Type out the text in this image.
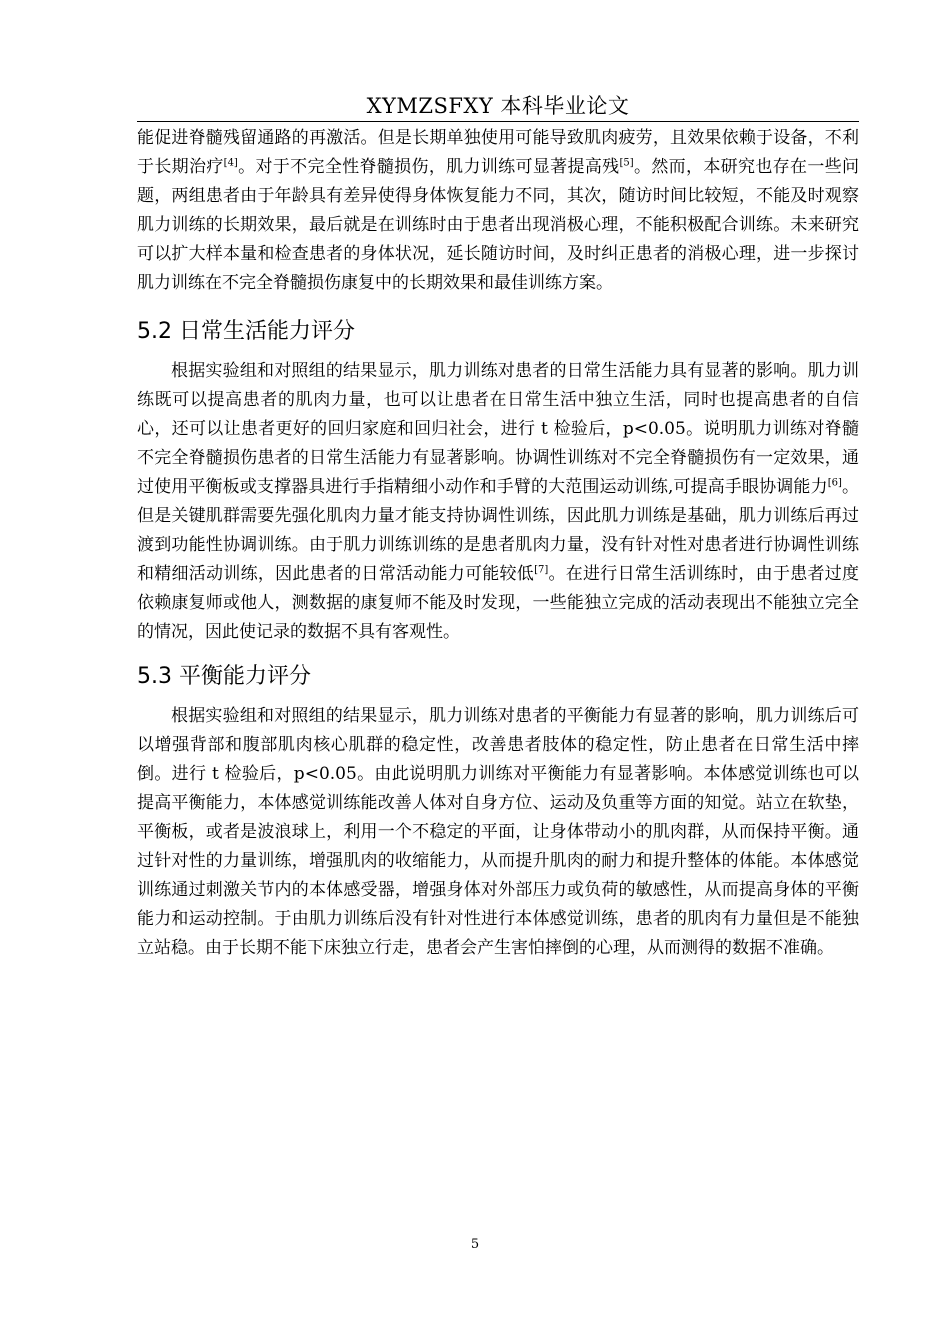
XYMZSFXY 本科毕业论文

能促进脊髓残留通路的再激活。但是长期单独使用可能导致肌肉疲劳，且效果依赖于设备，不利于长期治疗[4]。对于不完全性脊髓损伤，肌力训练可显著提高残[5]。然而，本研究也存在一些问题，两组患者由于年龄具有差异使得身体恢复能力不同，其次，随访时间比较短，不能及时观察肌力训练的长期效果，最后就是在训练时由于患者出现消极心理，不能积极配合训练。未来研究可以扩大样本量和检查患者的身体状况，延长随访时间，及时纠正患者的消极心理，进一步探讨肌力训练在不完全脊髓损伤康复中的长期效果和最佳训练方案。

5.2 日常生活能力评分

根据实验组和对照组的结果显示，肌力训练对患者的日常生活能力具有显著的影响。肌力训练既可以提高患者的肌肉力量，也可以让患者在日常生活中独立生活，同时也提高患者的自信心，还可以让患者更好的回归家庭和回归社会，进行 t 检验后，p<0.05。说明肌力训练对脊髓不完全脊髓损伤患者的日常生活能力有显著影响。协调性训练对不完全脊髓损伤有一定效果，通过使用平衡板或支撑器具进行手指精细小动作和手臂的大范围运动训练,可提高手眼协调能力[6]。但是关键肌群需要先强化肌肉力量才能支持协调性训练，因此肌力训练是基础，肌力训练后再过渡到功能性协调训练。由于肌力训练训练的是患者肌肉力量，没有针对性对患者进行协调性训练和精细活动训练，因此患者的日常活动能力可能较低[7]。在进行日常生活训练时，由于患者过度依赖康复师或他人，测数据的康复师不能及时发现，一些能独立完成的活动表现出不能独立完全的情况，因此使记录的数据不具有客观性。

5.3 平衡能力评分

根据实验组和对照组的结果显示，肌力训练对患者的平衡能力有显著的影响，肌力训练后可以增强背部和腹部肌肉核心肌群的稳定性，改善患者肢体的稳定性，防止患者在日常生活中摔倒。进行 t 检验后，p<0.05。由此说明肌力训练对平衡能力有显著影响。本体感觉训练也可以提高平衡能力，本体感觉训练能改善人体对自身方位、运动及负重等方面的知觉。站立在软垫，平衡板，或者是波浪球上，利用一个不稳定的平面，让身体带动小的肌肉群，从而保持平衡。通过针对性的力量训练，增强肌肉的收缩能力，从而提升肌肉的耐力和提升整体的体能。本体感觉训练通过刺激关节内的本体感受器，增强身体对外部压力或负荷的敏感性，从而提高身体的平衡能力和运动控制。于由肌力训练后没有针对性进行本体感觉训练，患者的肌肉有力量但是不能独立站稳。由于长期不能下床独立行走，患者会产生害怕摔倒的心理，从而测得的数据不准确。

5
